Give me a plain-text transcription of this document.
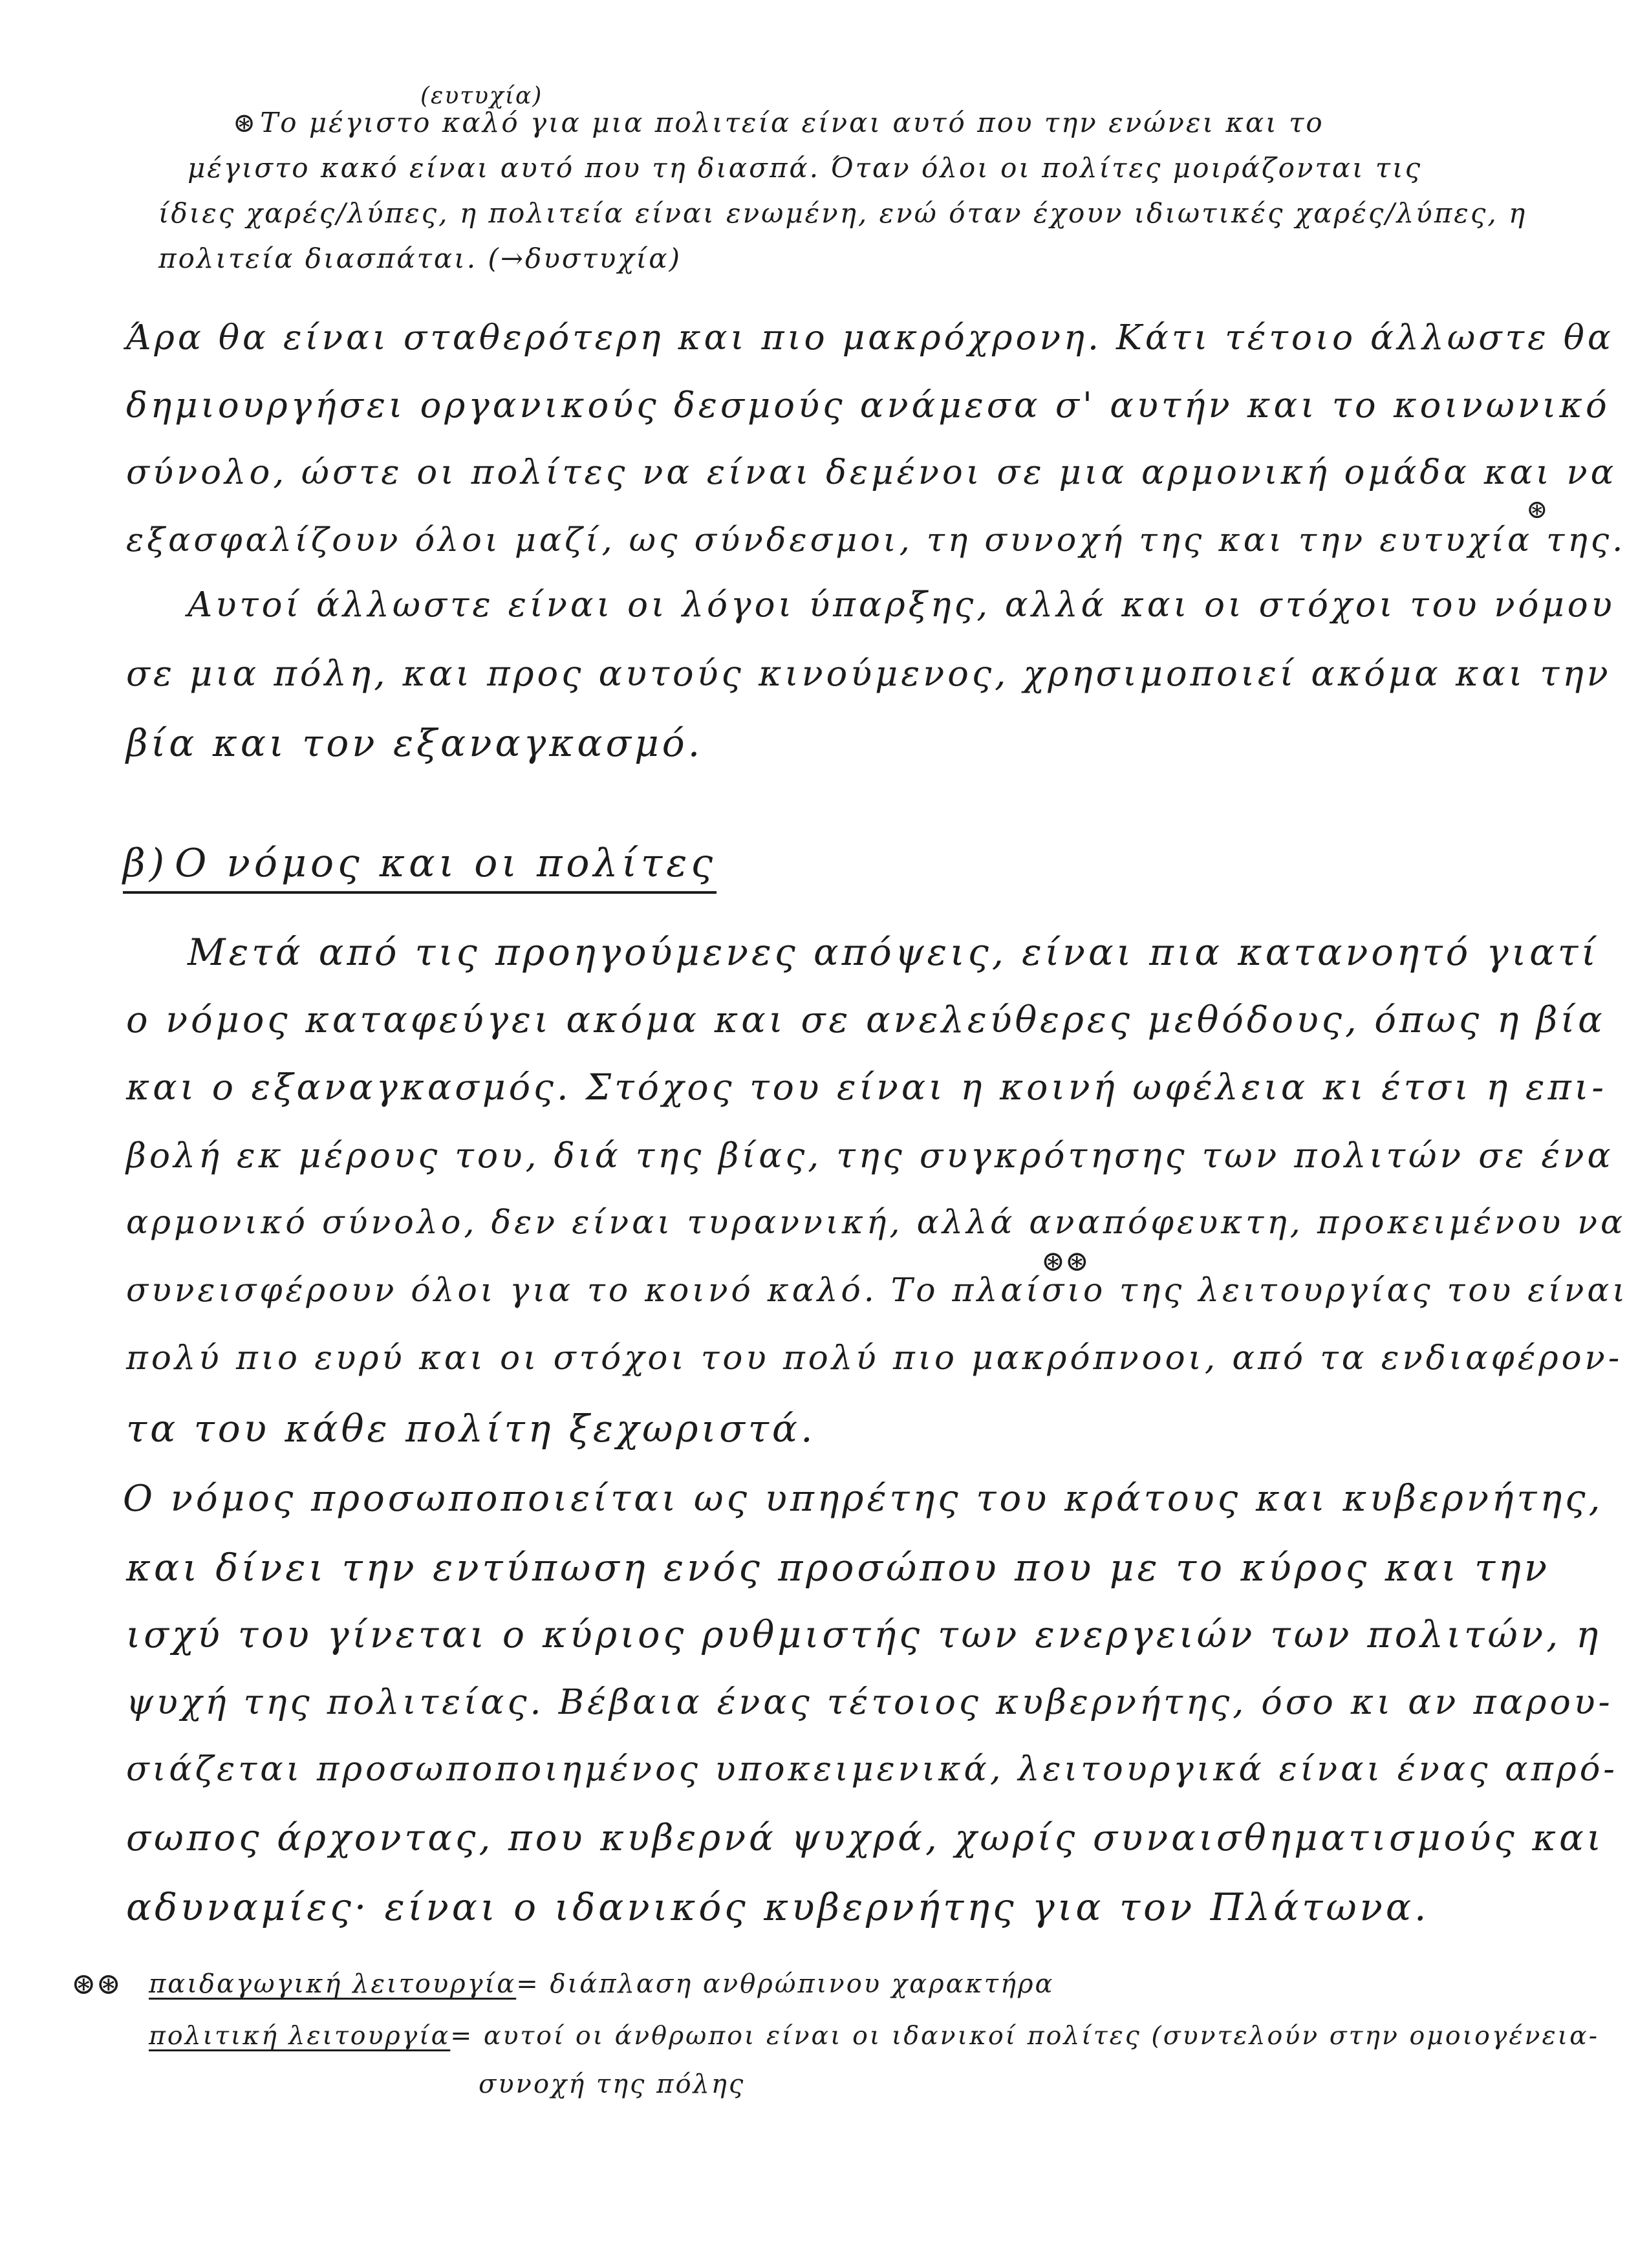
(ευτυχία)
⊛Το μέγιστο καλό για μια πολιτεία είναι αυτό που την ενώνει και το
μέγιστο κακό είναι αυτό που τη διασπά. Όταν όλοι οι πολίτες μοιράζονται τις
ίδιες χαρές/λύπες, η πολιτεία είναι ενωμένη, ενώ όταν έχουν ιδιωτικές χαρές/λύπες, η
πολιτεία διασπάται. (→δυστυχία)
Άρα θα είναι σταθερότερη και πιο μακρόχρονη. Κάτι τέτοιο άλλωστε θα
δημιουργήσει οργανικούς δεσμούς ανάμεσα σ' αυτήν και το κοινωνικό
σύνολο, ώστε οι πολίτες να είναι δεμένοι σε μια αρμονική ομάδα και να
εξασφαλίζουν όλοι μαζί, ως σύνδεσμοι, τη συνοχή της και την ευτυχία της.
⊛
Αυτοί άλλωστε είναι οι λόγοι ύπαρξης, αλλά και οι στόχοι του νόμου
σε μια πόλη, και προς αυτούς κινούμενος, χρησιμοποιεί ακόμα και την
βία και τον εξαναγκασμό.
β) Ο νόμος και οι πολίτες
Μετά από τις προηγούμενες απόψεις, είναι πια κατανοητό γιατί
ο νόμος καταφεύγει ακόμα και σε ανελεύθερες μεθόδους, όπως η βία
και ο εξαναγκασμός. Στόχος του είναι η κοινή ωφέλεια κι έτσι η επι-
βολή εκ μέρους του, διά της βίας, της συγκρότησης των πολιτών σε ένα
αρμονικό σύνολο, δεν είναι τυραννική, αλλά αναπόφευκτη, προκειμένου να
⊛⊛
συνεισφέρουν όλοι για το κοινό καλό. Το πλαίσιο της λειτουργίας του είναι
πολύ πιο ευρύ και οι στόχοι του πολύ πιο μακρόπνοοι, από τα ενδιαφέρον-
τα του κάθε πολίτη ξεχωριστά.
Ο νόμος προσωποποιείται ως υπηρέτης του κράτους και κυβερνήτης,
και δίνει την εντύπωση ενός προσώπου που με το κύρος και την
ισχύ του γίνεται ο κύριος ρυθμιστής των ενεργειών των πολιτών, η
ψυχή της πολιτείας. Βέβαια ένας τέτοιος κυβερνήτης, όσο κι αν παρου-
σιάζεται προσωποποιημένος υποκειμενικά, λειτουργικά είναι ένας απρό-
σωπος άρχοντας, που κυβερνά ψυχρά, χωρίς συναισθηματισμούς και
αδυναμίες· είναι ο ιδανικός κυβερνήτης για τον Πλάτωνα.
⊛⊛ παιδαγωγική λειτουργία= διάπλαση ανθρώπινου χαρακτήρα
πολιτική λειτουργία= αυτοί οι άνθρωποι είναι οι ιδανικοί πολίτες (συντελούν στην ομοιογένεια-
συνοχή της πόλης
